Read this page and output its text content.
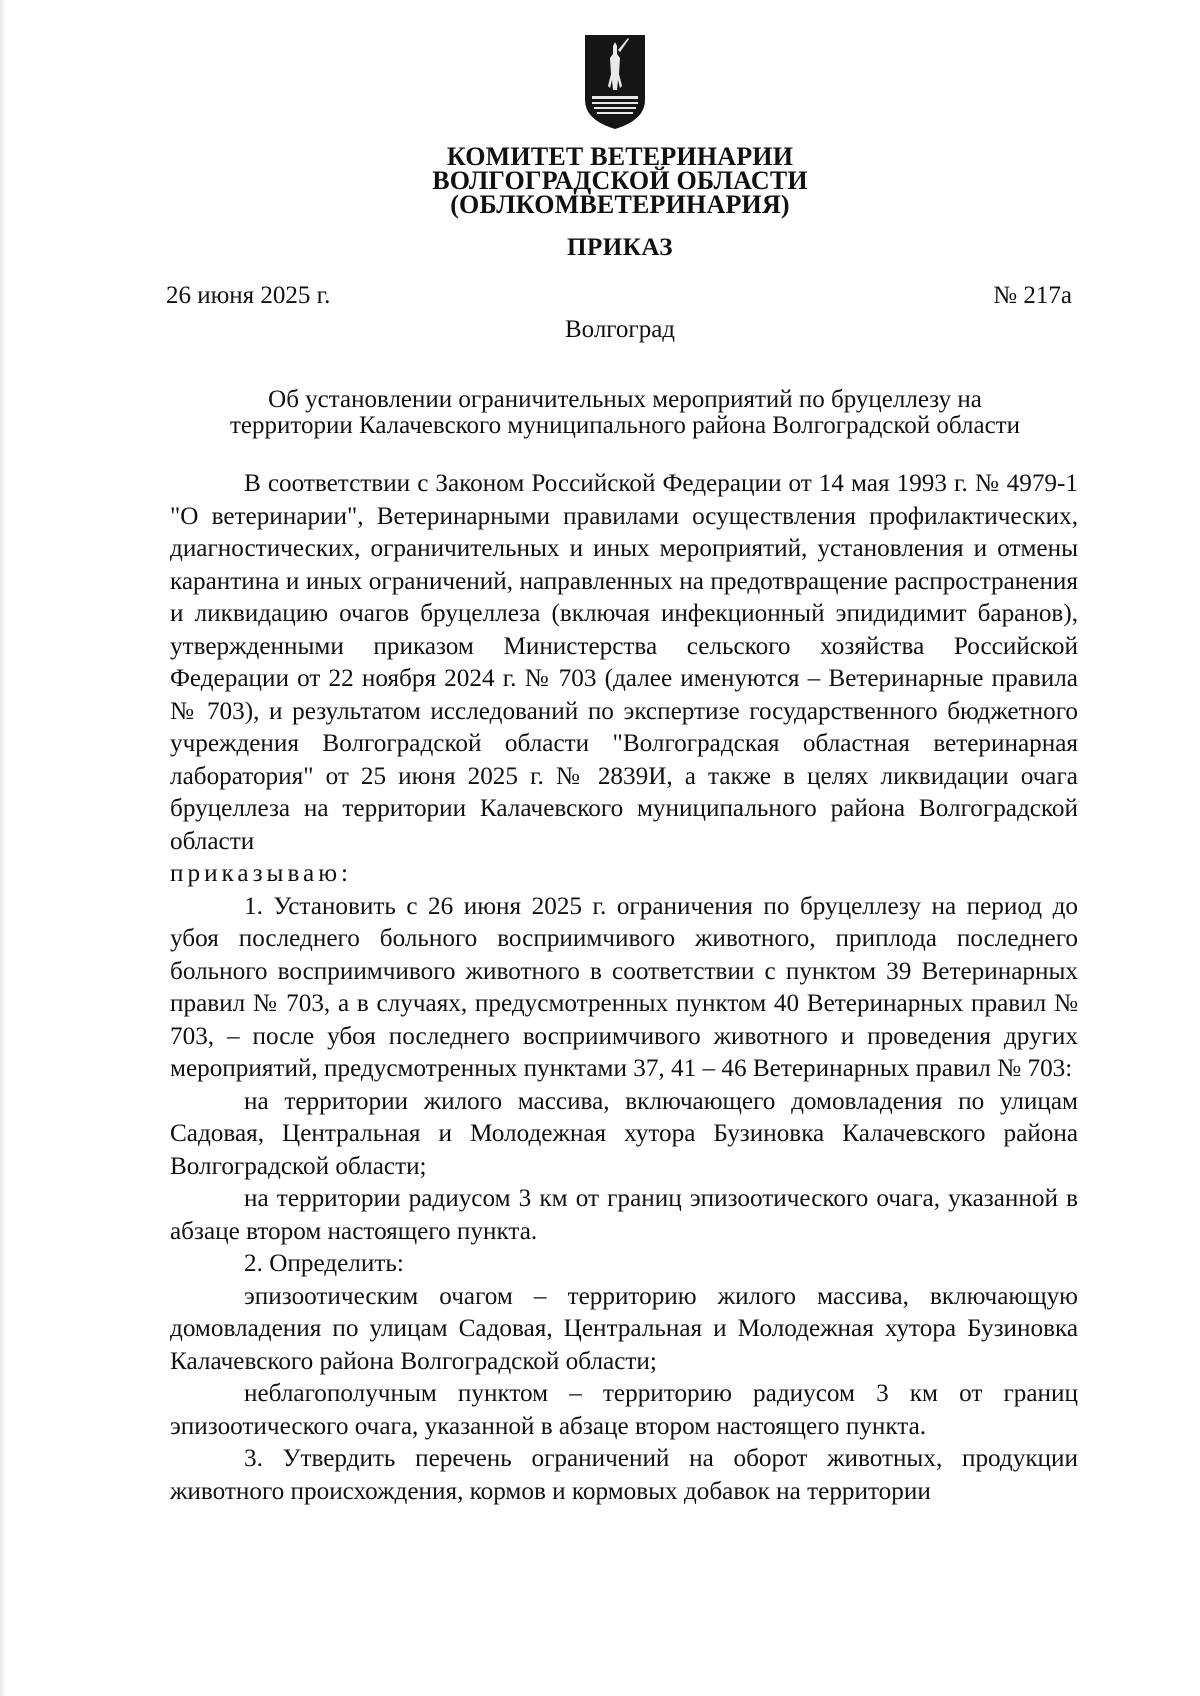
КОМИТЕТ ВЕТЕРИНАРИИ
ВОЛГОГРАДСКОЙ ОБЛАСТИ
(ОБЛКОМВЕТЕРИНАРИЯ)
ПРИКАЗ
26 июня 2025 г.	№ 217а
Волгоград
Об установлении ограничительных мероприятий по бруцеллезу на
территории Калачевского муниципального района Волгоградской области

В соответствии с Законом Российской Федерации от 14 мая 1993 г. № 4979-1 "О ветеринарии", Ветеринарными правилами осуществления профилактических, диагностических, ограничительных и иных мероприятий, установления и отмены карантина и иных ограничений, направленных на предотвращение распространения и ликвидацию очагов бруцеллеза (включая инфекционный эпидидимит баранов), утвержденными приказом Министерства сельского хозяйства Российской Федерации от 22 ноября 2024 г. № 703 (далее именуются – Ветеринарные правила № 703), и результатом исследований по экспертизе государственного бюджетного учреждения Волгоградской области "Волгоградская областная ветеринарная лаборатория" от 25 июня 2025 г. № 2839И, а также в целях ликвидации очага бруцеллеза на территории Калачевского муниципального района Волгоградской области

приказываю:

1. Установить с 26 июня 2025 г. ограничения по бруцеллезу на период до убоя последнего больного восприимчивого животного, приплода последнего больного восприимчивого животного в соответствии с пунктом 39 Ветеринарных правил № 703, а в случаях, предусмотренных пунктом 40 Ветеринарных правил № 703, – после убоя последнего восприимчивого животного и проведения других мероприятий, предусмотренных пунктами 37, 41 – 46 Ветеринарных правил № 703:

на территории жилого массива, включающего домовладения по улицам Садовая, Центральная и Молодежная хутора Бузиновка Калачевского района Волгоградской области;

на территории радиусом 3 км от границ эпизоотического очага, указанной в абзаце втором настоящего пункта.

2. Определить:

эпизоотическим очагом – территорию жилого массива, включающую домовладения по улицам Садовая, Центральная и Молодежная хутора Бузиновка Калачевского района Волгоградской области;

неблагополучным пунктом – территорию радиусом 3 км от границ эпизоотического очага, указанной в абзаце втором настоящего пункта.

3. Утвердить перечень ограничений на оборот животных, продукции животного происхождения, кормов и кормовых добавок на территории
